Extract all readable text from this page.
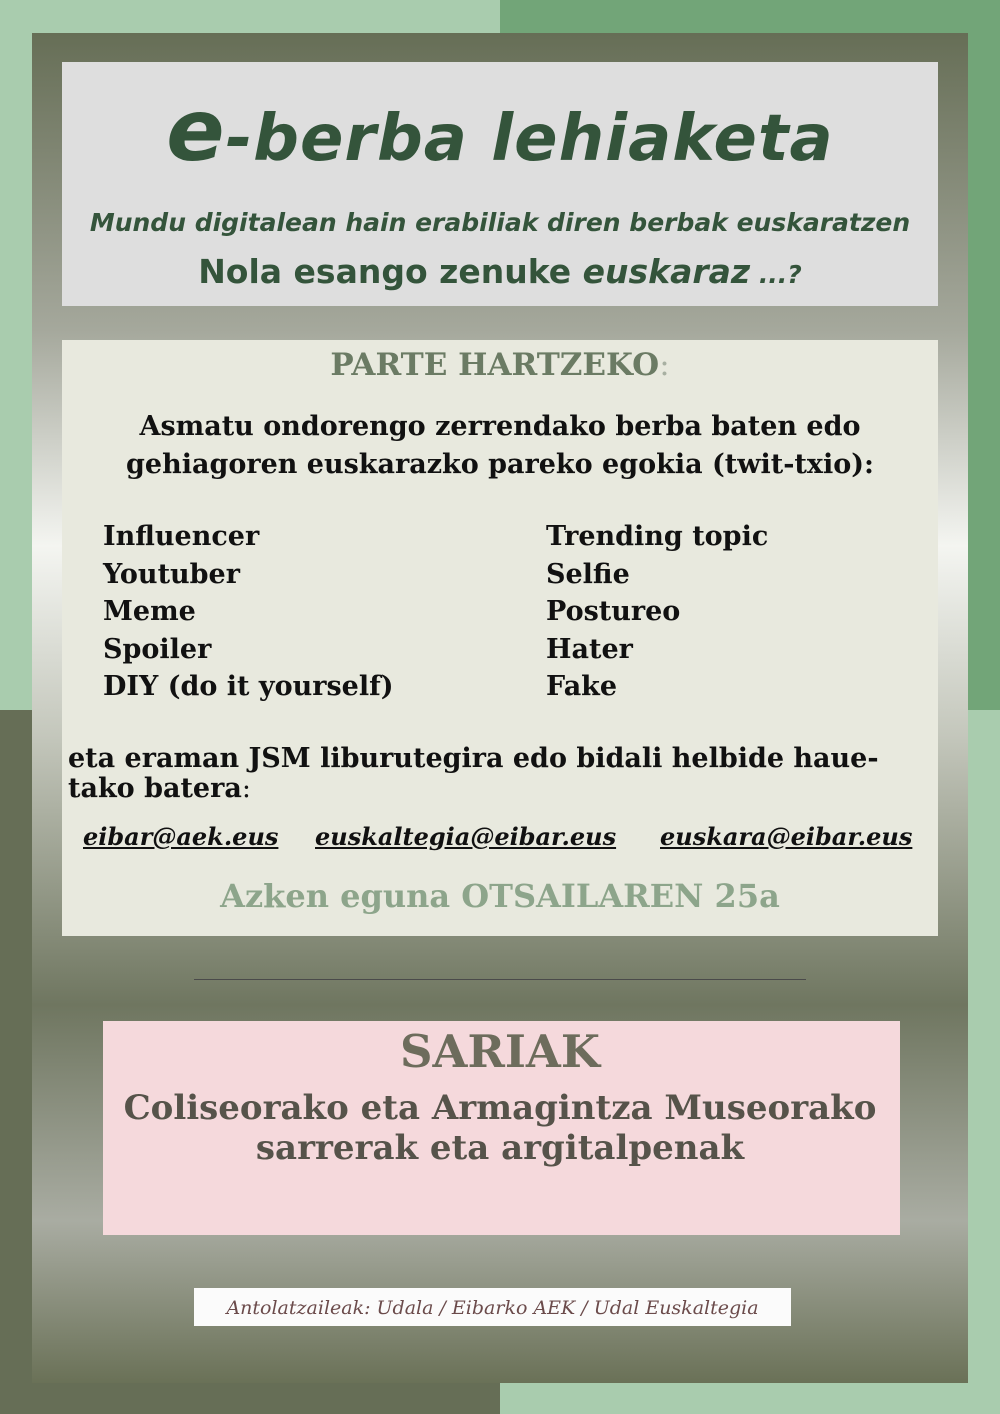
e-berba lehiaketa
Mundu digitalean hain erabiliak diren berbak euskaratzen
Nola esango zenuke euskaraz ...?
PARTE HARTZEKO:
Asmatu ondorengo zerrendako berba baten edo
gehiagoren euskarazko pareko egokia (twit-txio):
Influencer
Youtuber
Meme
Spoiler
DIY (do it yourself)
Trending topic
Selfie
Postureo
Hater
Fake
eta eraman JSM liburutegira edo bidali helbide haue-
tako batera:
eibar@aek.eus euskaltegia@eibar.eus euskara@eibar.eus
Azken eguna OTSAILAREN 25a
SARIAK
Coliseorako eta Armagintza Museorako
sarrerak eta argitalpenak
Antolatzaileak: Udala / Eibarko AEK / Udal Euskaltegia
